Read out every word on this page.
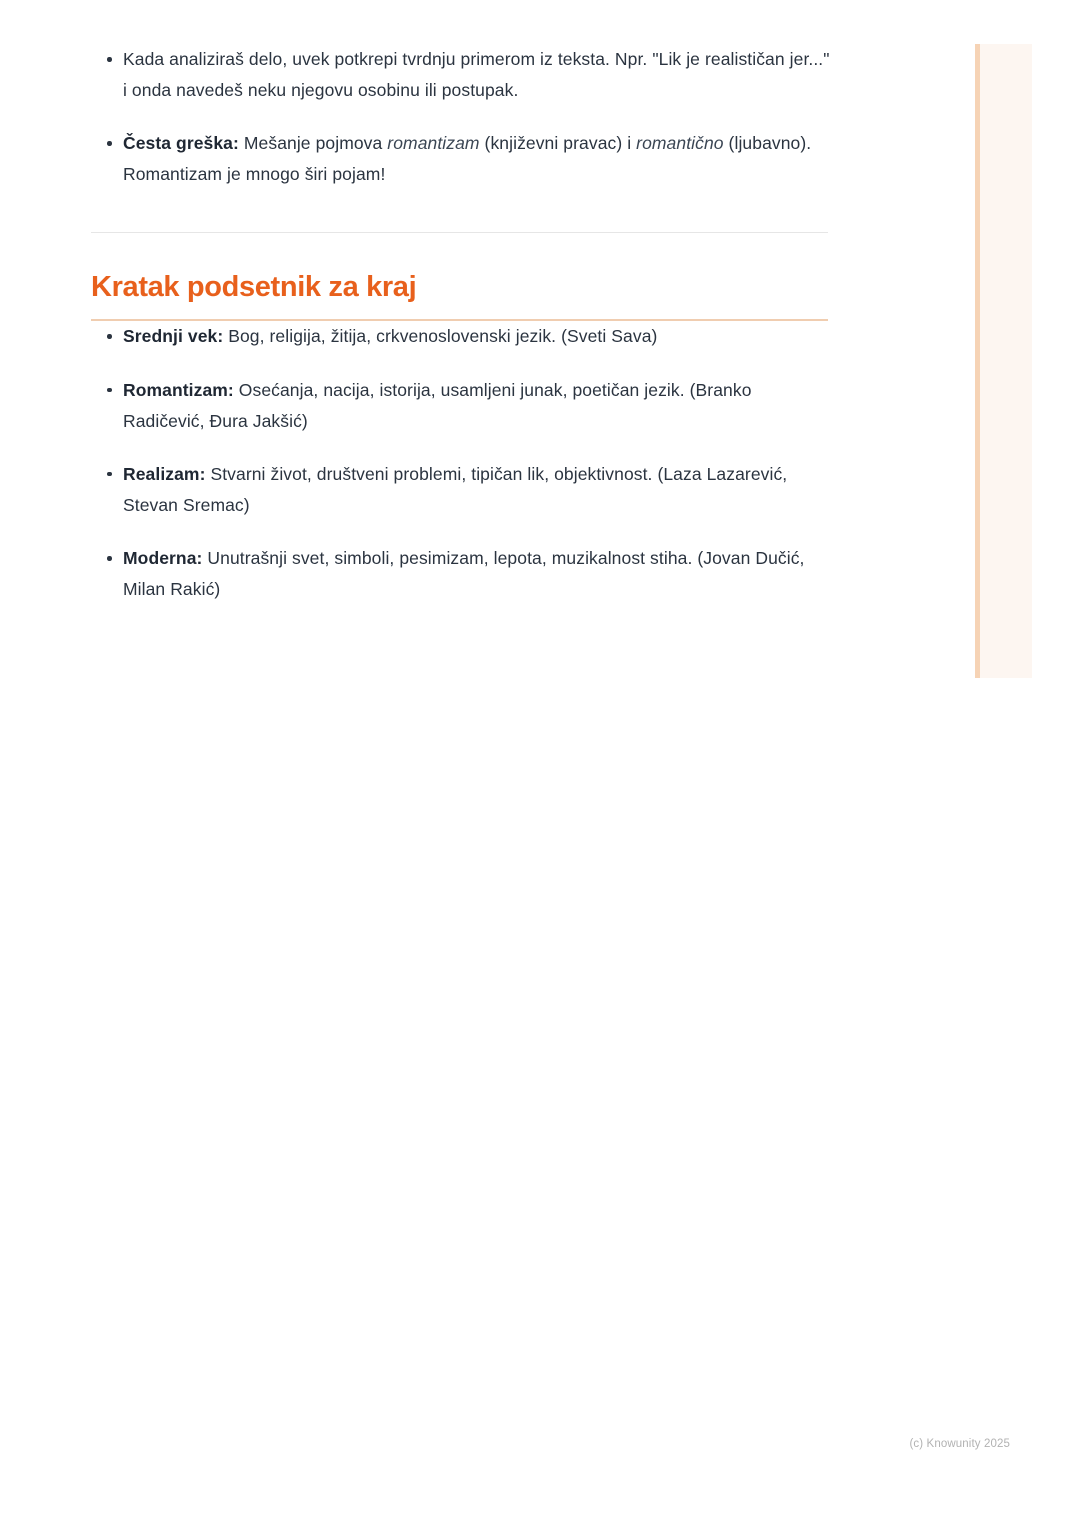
Kada analiziraš delo, uvek potkrepi tvrdnju primerom iz teksta. Npr. "Lik je realističan jer..." i onda navedeš neku njegovu osobinu ili postupak.
Česta greška: Mešanje pojmova romantizam (književni pravac) i romantično (ljubavno). Romantizam je mnogo širi pojam!
Kratak podsetnik za kraj
Srednji vek: Bog, religija, žitija, crkvenoslovenski jezik. (Sveti Sava)
Romantizam: Osećanja, nacija, istorija, usamljeni junak, poetičan jezik. (Branko Radičević, Đura Jakšić)
Realizam: Stvarni život, društveni problemi, tipičan lik, objektivnost. (Laza Lazarević, Stevan Sremac)
Moderna: Unutrašnji svet, simboli, pesimizam, lepota, muzikalnost stiha. (Jovan Dučić, Milan Rakić)
(c) Knowunity 2025
